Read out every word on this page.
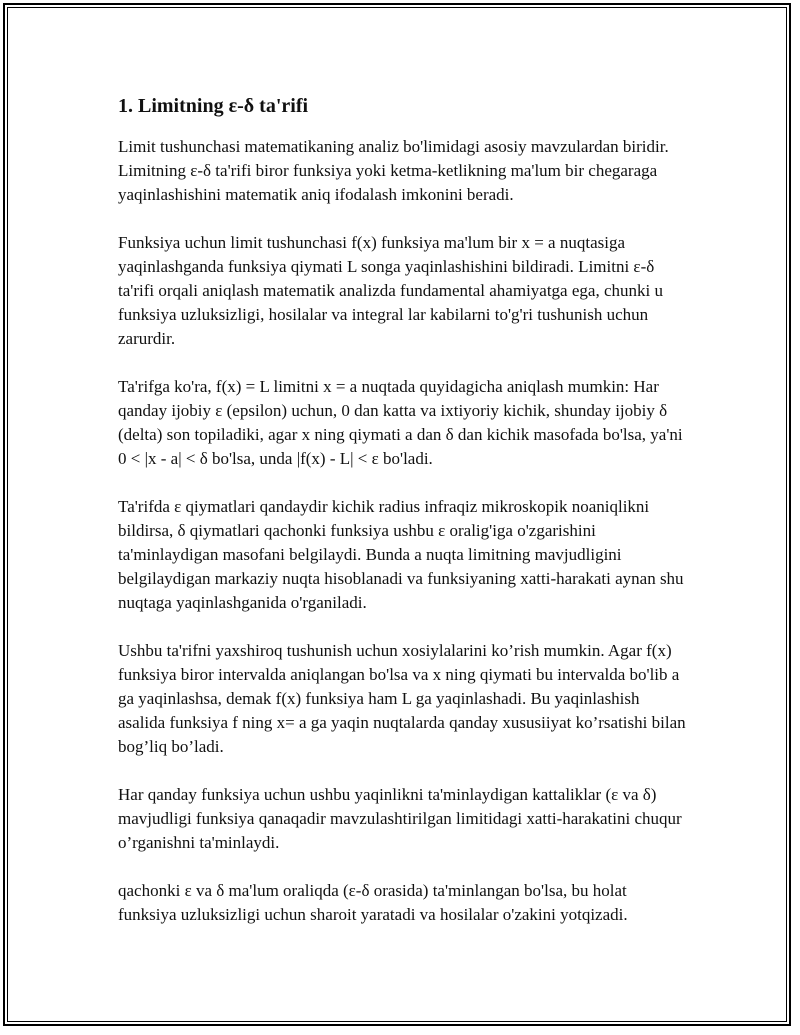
1. Limitning ε-δ ta'rifi

Limit tushunchasi matematikaning analiz bo'limidagi asosiy mavzulardan biridir. Limitning ε-δ ta'rifi biror funksiya yoki ketma-ketlikning ma'lum bir chegaraga yaqinlashishini matematik aniq ifodalash imkonini beradi.

Funksiya uchun limit tushunchasi f(x) funksiya ma'lum bir x = a nuqtasiga yaqinlashganda funksiya qiymati L songa yaqinlashishini bildiradi. Limitni ε-δ ta'rifi orqali aniqlash matematik analizda fundamental ahamiyatga ega, chunki u funksiya uzluksizligi, hosilalar va integral lar kabilarni to'g'ri tushunish uchun zarurdir.

Ta'rifga ko'ra, f(x) = L limitni x = a nuqtada quyidagicha aniqlash mumkin: Har qanday ijobiy ε (epsilon) uchun, 0 dan katta va ixtiyoriy kichik, shunday ijobiy δ (delta) son topiladiki, agar x ning qiymati a dan δ dan kichik masofada bo'lsa, ya'ni 0 < |x - a| < δ bo'lsa, unda |f(x) - L| < ε bo'ladi.

Ta'rifda ε qiymatlari qandaydir kichik radius infraqiz mikroskopik noaniqlikni bildirsa, δ qiymatlari qachonki funksiya ushbu ε oralig'iga o'zgarishini ta'minlaydigan masofani belgilaydi. Bunda a nuqta limitning mavjudligini belgilaydigan markaziy nuqta hisoblanadi va funksiyaning xatti-harakati aynan shu nuqtaga yaqinlashganida o'rganiladi.

Ushbu ta'rifni yaxshiroq tushunish uchun xosiylalarini ko’rish mumkin. Agar f(x) funksiya biror intervalda aniqlangan bo'lsa va x ning qiymati bu intervalda bo'lib a ga yaqinlashsa, demak f(x) funksiya ham L ga yaqinlashadi. Bu yaqinlashish asalida funksiya f ning x= a ga yaqin nuqtalarda qanday xususiiyat ko’rsatishi bilan bog’liq bo’ladi.

Har qanday funksiya uchun ushbu yaqinlikni ta'minlaydigan kattaliklar (ε va δ) mavjudligi funksiya qanaqadir mavzulashtirilgan limitidagi xatti-harakatini chuqur o’rganishni ta'minlaydi.

qachonki ε va δ ma'lum oraliqda (ε-δ orasida) ta'minlangan bo'lsa, bu holat funksiya uzluksizligi uchun sharoit yaratadi va hosilalar o'zakini yotqizadi.
